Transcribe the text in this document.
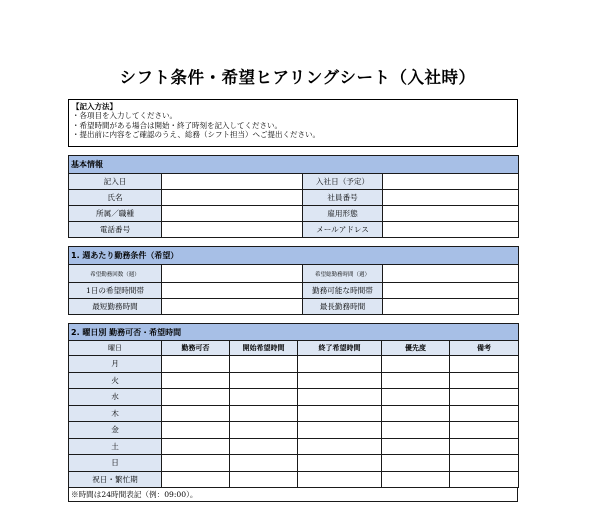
シフト条件・希望ヒアリングシート（入社時）
【記入方法】
・各項目を入力してください。
・希望時間がある場合は開始・終了時刻を記入してください。
・提出前に内容をご確認のうえ、総務（シフト担当）へご提出ください。
基本情報			
記入日		入社日（予定）	
氏名		社員番号	
所属／職種		雇用形態	
電話番号		メールアドレス	
1. 週あたり勤務条件（希望）			
希望勤務回数（週）		希望総勤務時間（週）	
1日の希望時間帯		勤務可能な時間帯	
最短勤務時間		最長勤務時間	
2. 曜日別 勤務可否・希望時間					
曜日	勤務可否	開始希望時間	終了希望時間	優先度	備考
月					
火					
水					
木					
金					
土					
日					
祝日・繁忙期					
※時間は24時間表記（例：09:00）。
